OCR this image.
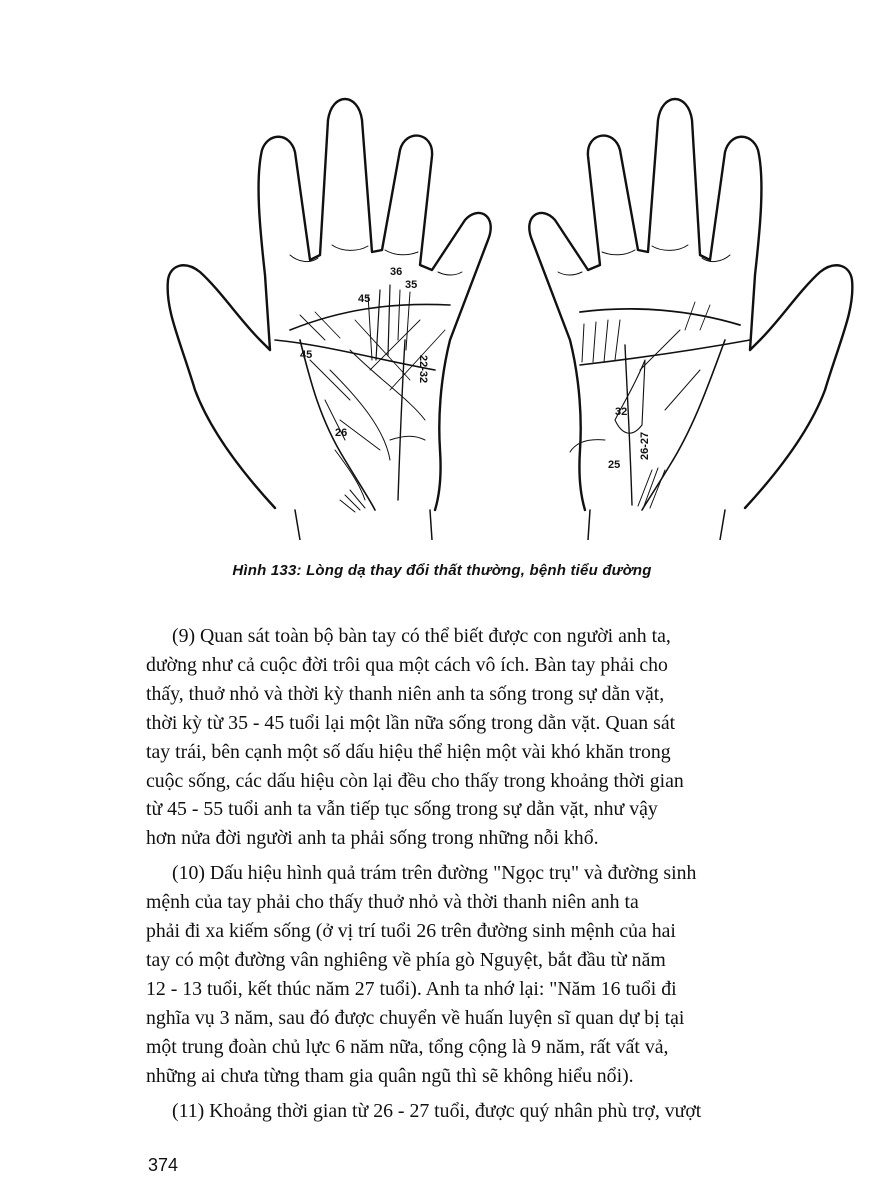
36
35
45
45
26
22-32
32
25
26-27
Hình 133: Lòng dạ thay đổi thất thường, bệnh tiểu đường

(9) Quan sát toàn bộ bàn tay có thể biết được con người anh ta,
dường như cả cuộc đời trôi qua một cách vô ích. Bàn tay phải cho
thấy, thuở nhỏ và thời kỳ thanh niên anh ta sống trong sự dằn vặt,
thời kỳ từ 35 - 45 tuổi lại một lần nữa sống trong dằn vặt. Quan sát
tay trái, bên cạnh một số dấu hiệu thể hiện một vài khó khăn trong
cuộc sống, các dấu hiệu còn lại đều cho thấy trong khoảng thời gian
từ 45 - 55 tuổi anh ta vẫn tiếp tục sống trong sự dằn vặt, như vậy
hơn nửa đời người anh ta phải sống trong những nỗi khổ.

(10) Dấu hiệu hình quả trám trên đường "Ngọc trụ" và đường sinh
mệnh của tay phải cho thấy thuở nhỏ và thời thanh niên anh ta
phải đi xa kiếm sống (ở vị trí tuổi 26 trên đường sinh mệnh của hai
tay có một đường vân nghiêng về phía gò Nguyệt, bắt đầu từ năm
12 - 13 tuổi, kết thúc năm 27 tuổi). Anh ta nhớ lại: "Năm 16 tuổi đi
nghĩa vụ 3 năm, sau đó được chuyển về huấn luyện sĩ quan dự bị tại
một trung đoàn chủ lực 6 năm nữa, tổng cộng là 9 năm, rất vất vả,
những ai chưa từng tham gia quân ngũ thì sẽ không hiểu nổi).

(11) Khoảng thời gian từ 26 - 27 tuổi, được quý nhân phù trợ, vượt

374
